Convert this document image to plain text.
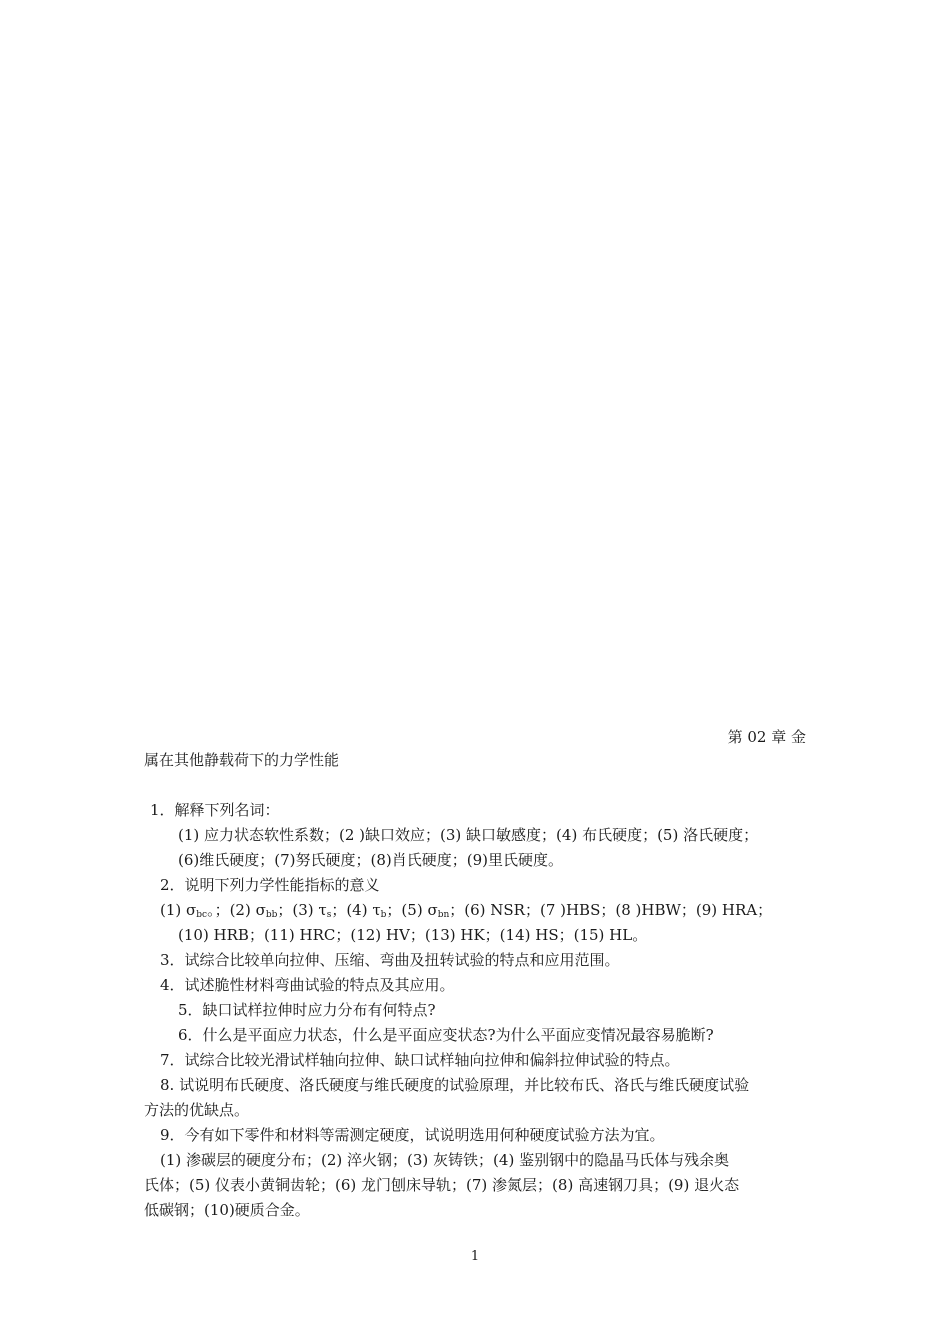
第 02 章 金
属在其他静载荷下的力学性能
1．解释下列名词：
(1) 应力状态软性系数；(2 )缺口效应；(3) 缺口敏感度；(4) 布氏硬度；(5) 洛氏硬度；
(6)维氏硬度；(7)努氏硬度；(8)肖氏硬度；(9)里氏硬度。
2．说明下列力学性能指标的意义
(1) $\sigma_{bc}$。；(2) $\sigma_{bb}$；(3) $\tau_s$；(4) $\tau_b$；(5) $\sigma_{bn}$；(6) NSR；(7 )HBS；(8 )HBW；(9) HRA；
(10) HRB；(11) HRC；(12) HV；(13) HK；(14) HS；(15) HL。
3．试综合比较单向拉伸、压缩、弯曲及扭转试验的特点和应用范围。
4．试述脆性材料弯曲试验的特点及其应用。
5．缺口试样拉伸时应力分布有何特点?
6．什么是平面应力状态，什么是平面应变状态?为什么平面应变情况最容易脆断?
7．试综合比较光滑试样轴向拉伸、缺口试样轴向拉伸和偏斜拉伸试验的特点。
8. 试说明布氏硬度、洛氏硬度与维氏硬度的试验原理，并比较布氏、洛氏与维氏硬度试验
方法的优缺点。
9．今有如下零件和材料等需测定硬度，试说明选用何种硬度试验方法为宜。
(1) 渗碳层的硬度分布；(2) 淬火钢；(3) 灰铸铁；(4) 鉴别钢中的隐晶马氏体与残余奥
氏体；(5) 仪表小黄铜齿轮；(6) 龙门刨床导轨；(7) 渗氮层；(8) 高速钢刀具；(9) 退火态
低碳钢；(10)硬质合金。
1
